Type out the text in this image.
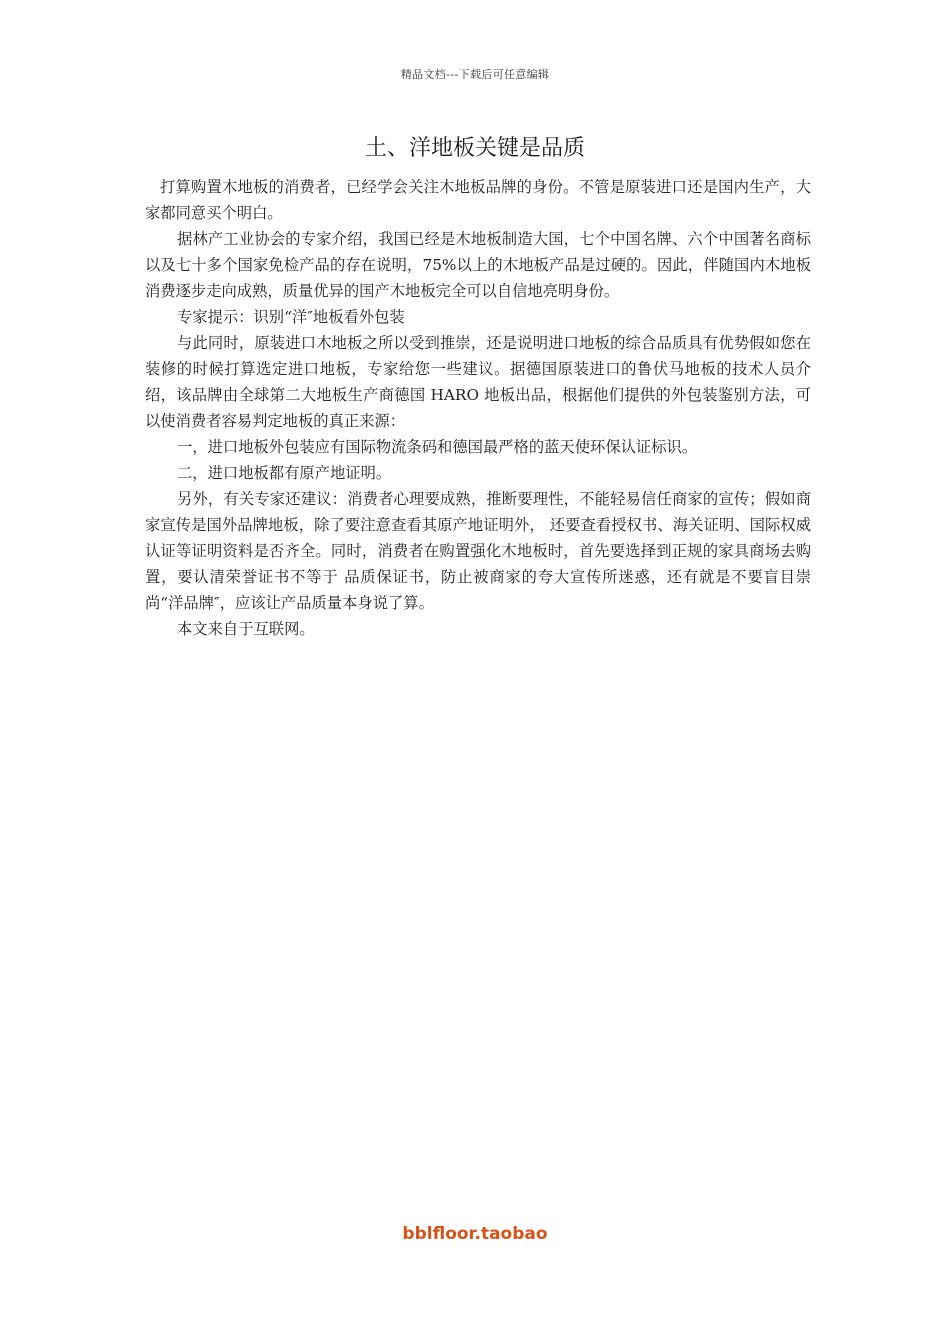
精品文档---下载后可任意编辑
土、洋地板关键是品质

打算购置木地板的消费者，已经学会关注木地板品牌的身份。不管是原装进口还是国内生产，大家都同意买个明白。

据林产工业协会的专家介绍，我国已经是木地板制造大国，七个中国名牌、六个中国著名商标以及七十多个国家免检产品的存在说明，75%以上的木地板产品是过硬的。因此，伴随国内木地板消费逐步走向成熟，质量优异的国产木地板完全可以自信地亮明身份。

专家提示：识别“洋″地板看外包装

与此同时，原装进口木地板之所以受到推崇，还是说明进口地板的综合品质具有优势假如您在装修的时候打算选定进口地板，专家给您一些建议。据德国原装进口的鲁伏马地板的技术人员介绍，该品牌由全球第二大地板生产商德国 HARO 地板出品，根据他们提供的外包装鉴别方法，可以使消费者容易判定地板的真正来源：

一，进口地板外包装应有国际物流条码和德国最严格的蓝天使环保认证标识。

二，进口地板都有原产地证明。

另外，有关专家还建议：消费者心理要成熟，推断要理性，不能轻易信任商家的宣传；假如商家宣传是国外品牌地板，除了要注意查看其原产地证明外， 还要查看授权书、海关证明、国际权威认证等证明资料是否齐全。同时，消费者在购置强化木地板时，首先要选择到正规的家具商场去购置，要认清荣誉证书不等于 品质保证书，防止被商家的夸大宣传所迷惑，还有就是不要盲目崇尚“洋品牌″，应该让产品质量本身说了算。

本文来自于互联网。

bblfloor.taobao
